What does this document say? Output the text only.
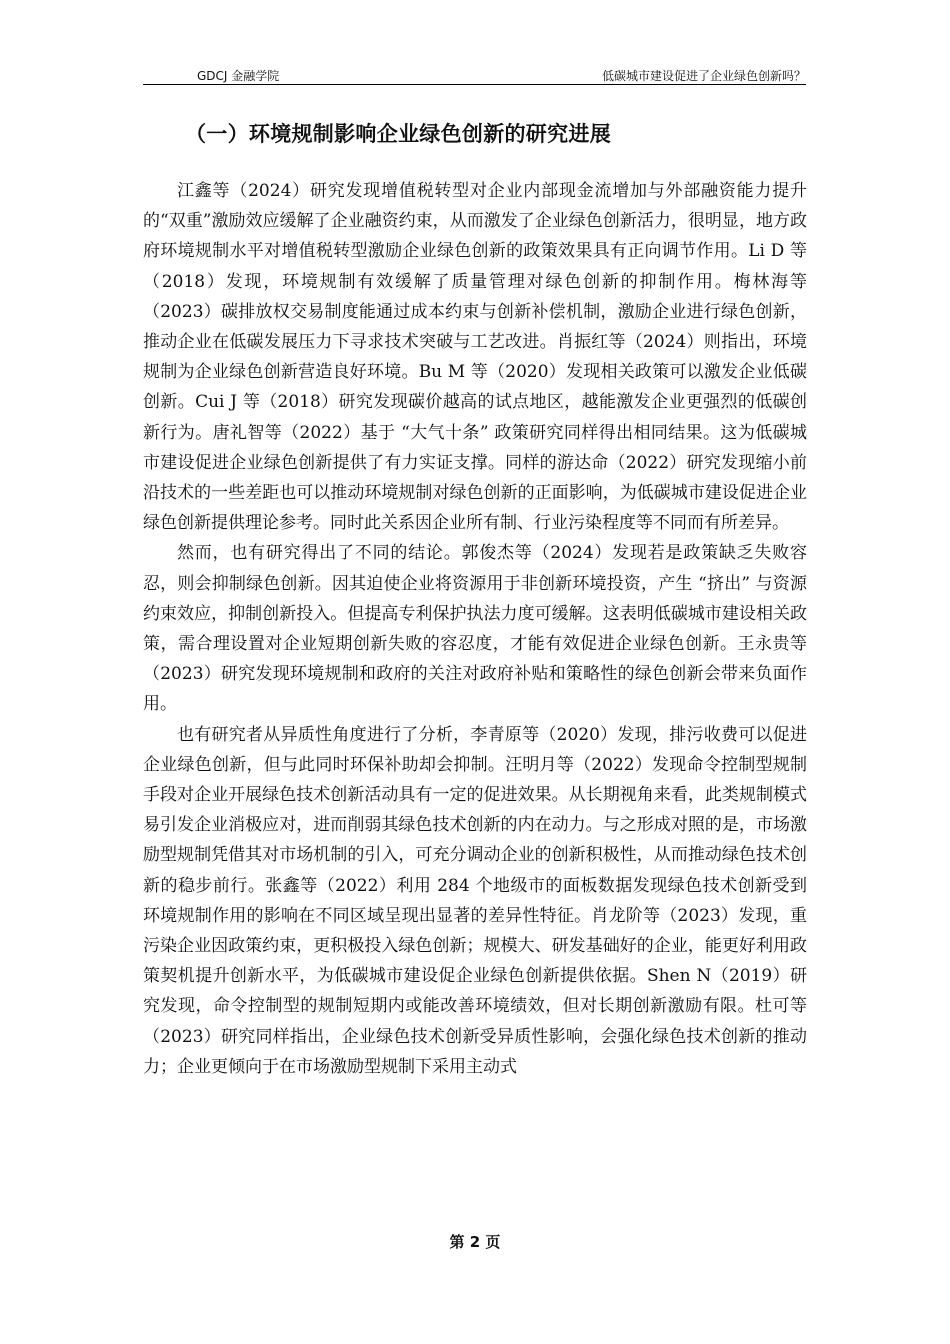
GDCJ 金融学院	低碳城市建设促进了企业绿色创新吗？
（一）环境规制影响企业绿色创新的研究进展

江鑫等（2024）研究发现增值税转型对企业内部现金流增加与外部融资能力提升的“双重”激励效应缓解了企业融资约束，从而激发了企业绿色创新活力，很明显，地方政府环境规制水平对增值税转型激励企业绿色创新的政策效果具有正向调节作用。Li D 等（2018）发现，环境规制有效缓解了质量管理对绿色创新的抑制作用。梅林海等（2023）碳排放权交易制度能通过成本约束与创新补偿机制，激励企业进行绿色创新，推动企业在低碳发展压力下寻求技术突破与工艺改进。肖振红等（2024）则指出，环境规制为企业绿色创新营造良好环境。Bu M 等（2020）发现相关政策可以激发企业低碳创新。Cui J 等（2018）研究发现碳价越高的试点地区，越能激发企业更强烈的低碳创新行为。唐礼智等（2022）基于 “大气十条” 政策研究同样得出相同结果。这为低碳城市建设促进企业绿色创新提供了有力实证支撑。同样的游达命（2022）研究发现缩小前沿技术的一些差距也可以推动环境规制对绿色创新的正面影响，为低碳城市建设促进企业绿色创新提供理论参考。同时此关系因企业所有制、行业污染程度等不同而有所差异。

然而，也有研究得出了不同的结论。郭俊杰等（2024）发现若是政策缺乏失败容忍，则会抑制绿色创新。因其迫使企业将资源用于非创新环境投资，产生 “挤出” 与资源约束效应，抑制创新投入。但提高专利保护执法力度可缓解。这表明低碳城市建设相关政策，需合理设置对企业短期创新失败的容忍度，才能有效促进企业绿色创新。王永贵等（2023）研究发现环境规制和政府的关注对政府补贴和策略性的绿色创新会带来负面作用。

也有研究者从异质性角度进行了分析，李青原等（2020）发现，排污收费可以促进企业绿色创新，但与此同时环保补助却会抑制。汪明月等（2022）发现命令控制型规制手段对企业开展绿色技术创新活动具有一定的促进效果。从长期视角来看，此类规制模式易引发企业消极应对，进而削弱其绿色技术创新的内在动力。与之形成对照的是，市场激励型规制凭借其对市场机制的引入，可充分调动企业的创新积极性，从而推动绿色技术创新的稳步前行。张鑫等（2022）利用 284 个地级市的面板数据发现绿色技术创新受到环境规制作用的影响在不同区域呈现出显著的差异性特征。肖龙阶等（2023）发现，重污染企业因政策约束，更积极投入绿色创新；规模大、研发基础好的企业，能更好利用政策契机提升创新水平，为低碳城市建设促企业绿色创新提供依据。Shen N（2019）研究发现，命令控制型的规制短期内或能改善环境绩效，但对长期创新激励有限。杜可等（2023）研究同样指出，企业绿色技术创新受异质性影响，会强化绿色技术创新的推动力；企业更倾向于在市场激励型规制下采用主动式

第 2 页
